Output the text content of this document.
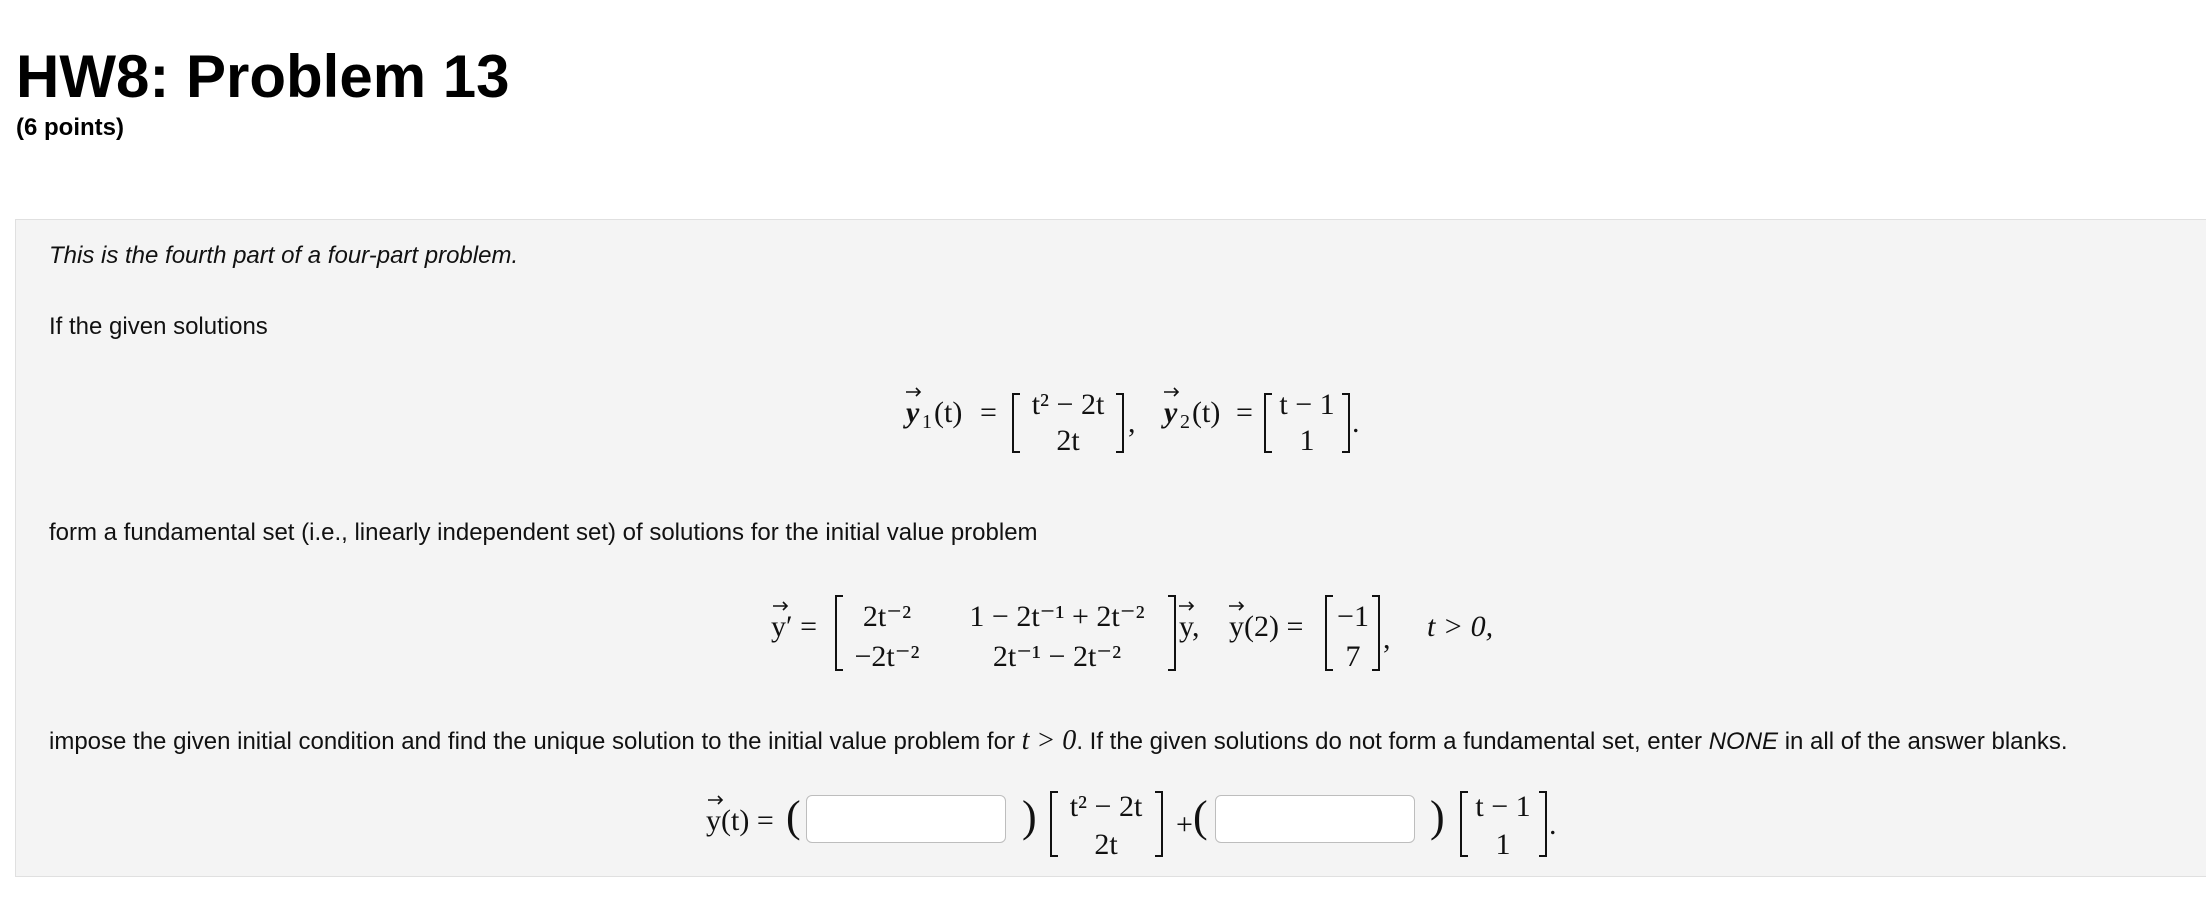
HW8: Problem 13
(6 points)
This is the fourth part of a four-part problem.
If the given solutions
y 1 (t) = t² − 2t
2t
, y 2 (t) = t − 1
1
.
form a fundamental set (i.e., linearly independent set) of solutions for the initial value problem
y′ = 2t⁻² 1 − 2t⁻¹ + 2t⁻²
−2t⁻² 2t⁻¹ − 2t⁻²
y, y(2) = −1
7
, t > 0,
impose the given initial condition and find the unique solution to the initial value problem for t > 0. If the given solutions do not form a fundamental set, enter NONE in all of the answer blanks.
y(t) = (	) t² − 2t
2t
+ (	) t − 1
1
.
